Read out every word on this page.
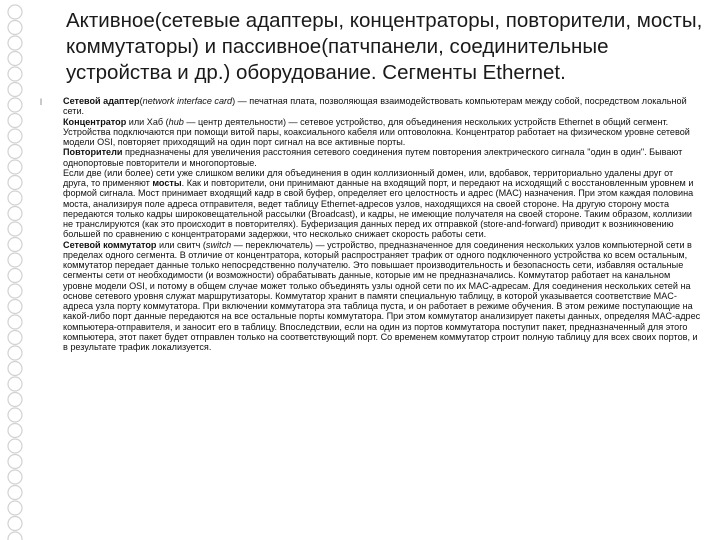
Активное(сетевые адаптеры, концентраторы, повторители, мосты, коммутаторы) и пассивное(патчпанели, соединительные устройства и др.) оборудование. Сегменты Ethernet.
l Сетевой адаптер(network interface card) — печатная плата, позволяющая взаимодействовать компьютерам между собой, посредством локальной сети.

Концентратор или Хаб (hub — центр деятельности) — сетевое устройство, для объединения нескольких устройств Ethernet в общий сегмент. Устройства подключаются при помощи витой пары, коаксиального кабеля или оптоволокна. Концентратор работает на физическом уровне сетевой модели OSI, повторяет приходящий на один порт сигнал на все активные порты.

Повторители предназначены для увеличения расстояния сетевого соединения путем повторения электрического сигнала "один в один". Бывают однопортовые повторители и многопортовые.

Если две (или более) сети уже слишком велики для объединения в один коллизионный домен, или, вдобавок, территориально удалены друг от друга, то применяют мосты. Как и повторители, они принимают данные на входящий порт, и передают на исходящий с восстановленным уровнем и формой сигнала. Мост принимает входящий кадр в свой буфер, определяет его целостность и адрес (MAC) назначения. При этом каждая половина моста, анализируя поле адреса отправителя, ведет таблицу Ethernet-адресов узлов, находящихся на своей стороне. На другую сторону моста передаются только кадры широковещательной рассылки (Broadcast), и кадры, не имеющие получателя на своей стороне. Таким образом, коллизии не транслируются (как это происходит в повторителях). Буферизация данных перед их отправкой (store-and-forward) приводит к возникновению большей по сравнению с концентраторами задержки, что несколько снижает скорость работы сети.

Сетевой коммутатор или свитч (switch — переключатель) — устройство, предназначенное для соединения нескольких узлов компьютерной сети в пределах одного сегмента. В отличие от концентратора, который распространяет трафик от одного подключенного устройства ко всем остальным, коммутатор передает данные только непосредственно получателю. Это повышает производительность и безопасность сети, избавляя остальные сегменты сети от необходимости (и возможности) обрабатывать данные, которые им не предназначались. Коммутатор работает на канальном уровне модели OSI, и потому в общем случае может только объединять узлы одной сети по их MAC-адресам. Для соединения нескольких сетей на основе сетевого уровня служат маршрутизаторы. Коммутатор хранит в памяти специальную таблицу, в которой указывается соответствие MAC-адреса узла порту коммутатора. При включении коммутатора эта таблица пуста, и он работает в режиме обучения. В этом режиме поступающие на какой-либо порт данные передаются на все остальные порты коммутатора. При этом коммутатор анализирует пакеты данных, определяя MAC-адрес компьютера-отправителя, и заносит его в таблицу. Впоследствии, если на один из портов коммутатора поступит пакет, предназначенный для этого компьютера, этот пакет будет отправлен только на соответствующий порт. Со временем коммутатор строит полную таблицу для всех своих портов, и в результате трафик локализуется.
